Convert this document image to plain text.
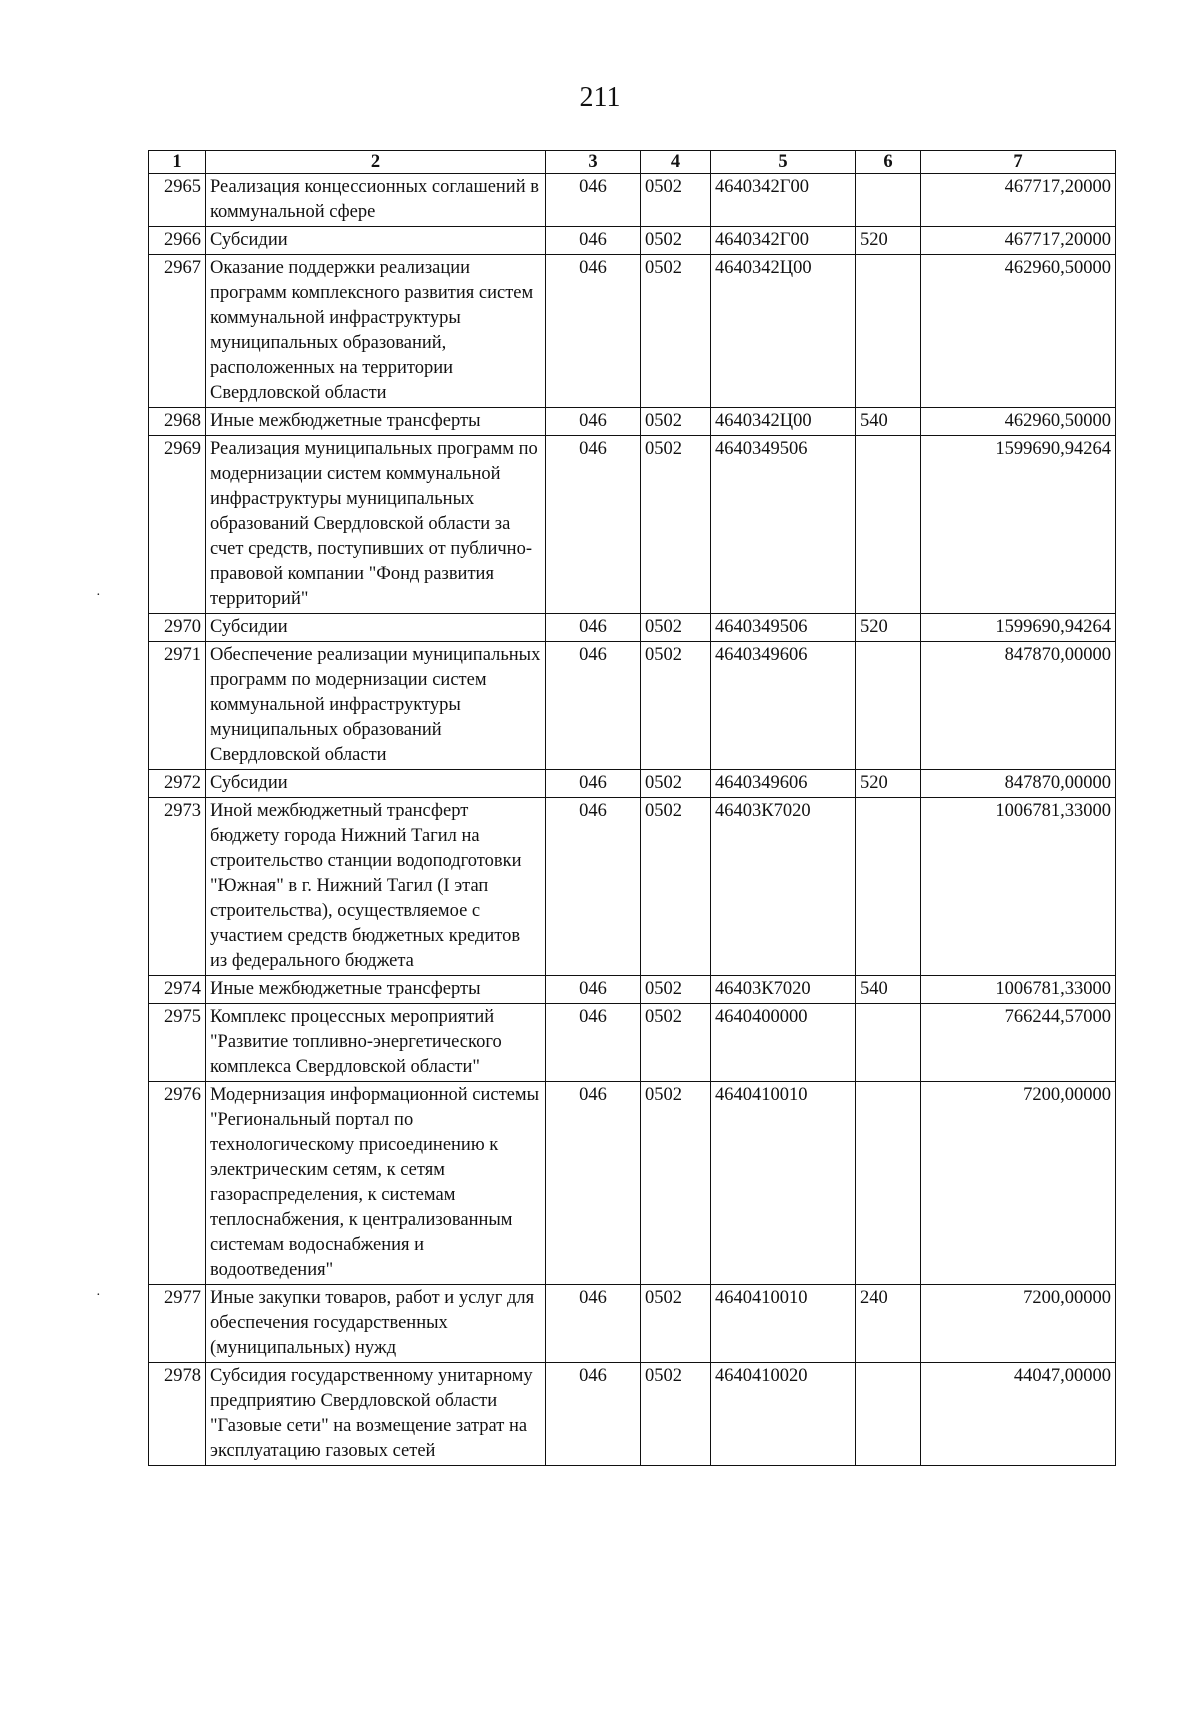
211
1	2	3	4	5	6	7
2965	Реализация концессионных соглашений в коммунальной сфере	046	0502	4640342Г00		467717,20000
2966	Субсидии	046	0502	4640342Г00	520	467717,20000
2967	Оказание поддержки реализации программ комплексного развития систем коммунальной инфраструктуры муниципальных образований, расположенных на территории Свердловской области	046	0502	4640342Ц00		462960,50000
2968	Иные межбюджетные трансферты	046	0502	4640342Ц00	540	462960,50000
2969	Реализация муниципальных программ по модернизации систем коммунальной инфраструктуры муниципальных образований Свердловской области за счет средств, поступивших от публично-правовой компании "Фонд развития территорий"	046	0502	4640349506		1599690,94264
2970	Субсидии	046	0502	4640349506	520	1599690,94264
2971	Обеспечение реализации муниципальных программ по модернизации систем коммунальной инфраструктуры муниципальных образований Свердловской области	046	0502	4640349606		847870,00000
2972	Субсидии	046	0502	4640349606	520	847870,00000
2973	Иной межбюджетный трансферт бюджету города Нижний Тагил на строительство станции водоподготовки "Южная" в г. Нижний Тагил (I этап строительства), осуществляемое с участием средств бюджетных кредитов из федерального бюджета	046	0502	46403К7020		1006781,33000
2974	Иные межбюджетные трансферты	046	0502	46403К7020	540	1006781,33000
2975	Комплекс процессных мероприятий "Развитие топливно-энергетического комплекса Свердловской области"	046	0502	4640400000		766244,57000
2976	Модернизация информационной системы "Региональный портал по технологическому присоединению к электрическим сетям, к сетям газораспределения, к системам теплоснабжения, к централизованным системам водоснабжения и водоотведения"	046	0502	4640410010		7200,00000
2977	Иные закупки товаров, работ и услуг для обеспечения государственных (муниципальных) нужд	046	0502	4640410010	240	7200,00000
2978	Субсидия государственному унитарному предприятию Свердловской области "Газовые сети" на возмещение затрат на эксплуатацию газовых сетей	046	0502	4640410020		44047,00000
·
·
